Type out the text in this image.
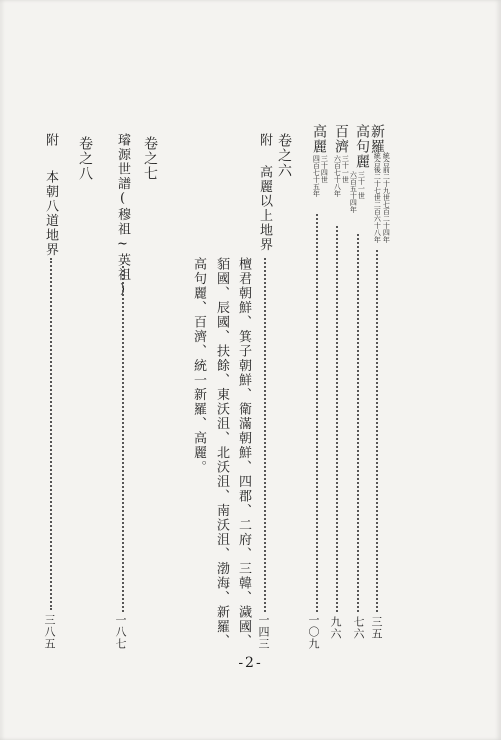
新羅
統合前二十九世七百二十四年
統合後二十七世二百六十八年
三五
高句麗
三十一世
六百五十四年
七六
百濟
三十一世
六百七十八年
九六
高麗
三十四世
四百七十五年
一〇九
卷之六
附
高麗以上地界
一四三
檀君朝鮮、箕子朝鮮、衛滿朝鮮、四郡、二府、三韓、濊國、
貊國、辰國、扶餘、東沃沮、北沃沮、南沃沮、渤海、新羅、
高句麗、百濟、統一新羅、高麗。
卷之七
璿源世譜(穆祖~英祖)
一八七
卷之八
附
本朝八道地界
三八五
-2-
